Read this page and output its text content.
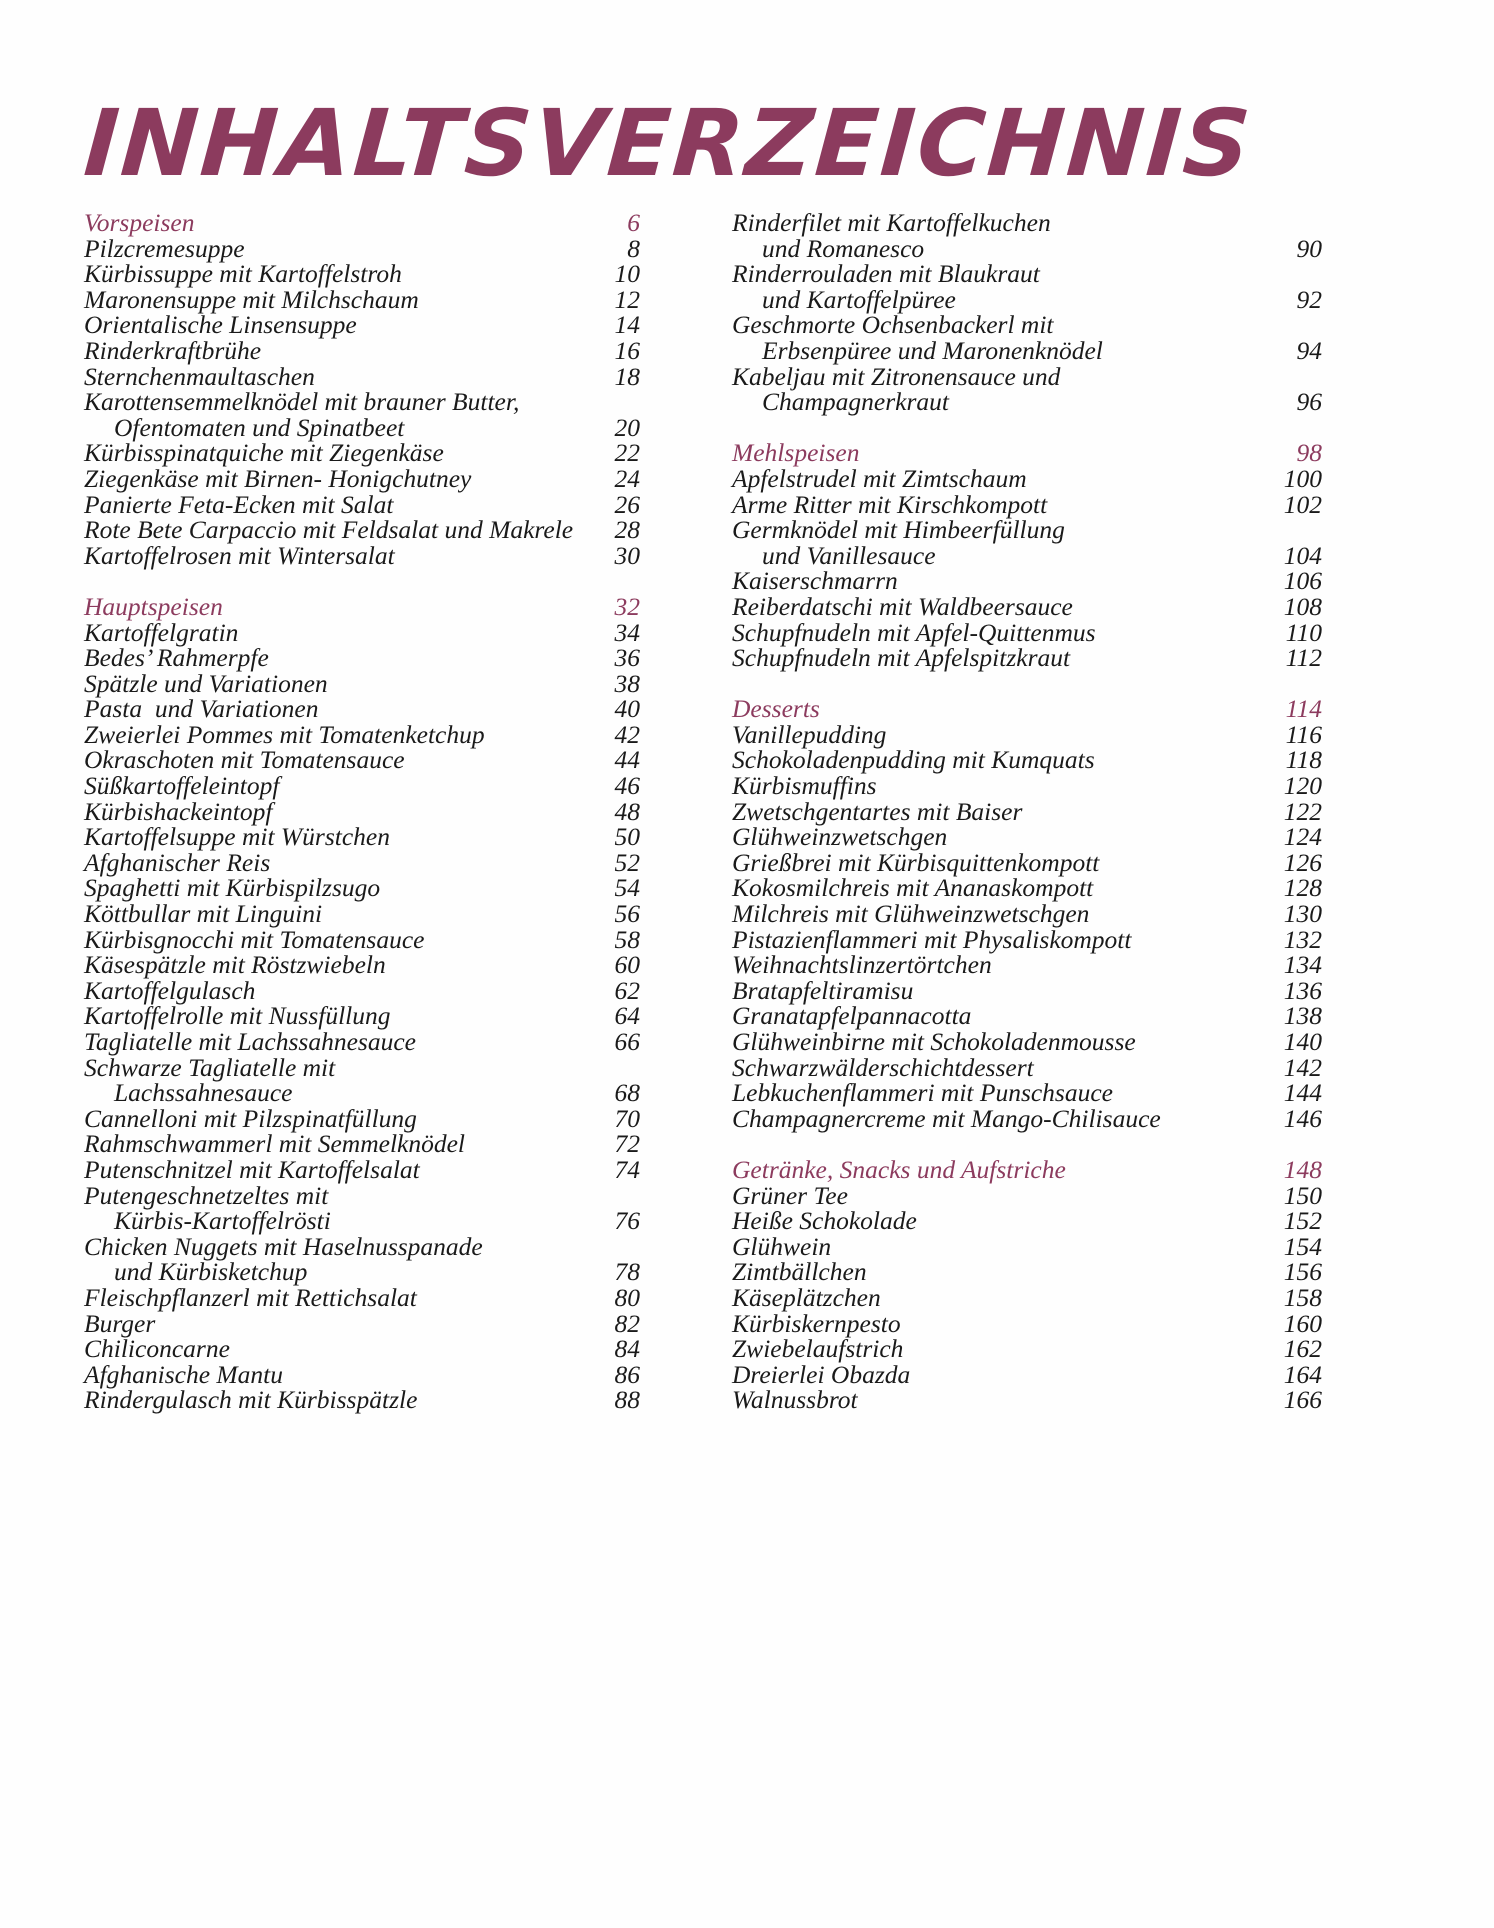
INHALTSVERZEICHNIS
Vorspeisen	6
Pilzcremesuppe	8
Kürbissuppe mit Kartoffelstroh	10
Maronensuppe mit Milchschaum	12
Orientalische Linsensuppe	14
Rinderkraftbrühe	16
Sternchenmaultaschen	18
Karottensemmelknödel mit brauner Butter,
Ofentomaten und Spinatbeet	20
Kürbisspinatquiche mit Ziegenkäse	22
Ziegenkäse mit Birnen- Honigchutney	24
Panierte Feta-Ecken mit Salat	26
Rote Bete Carpaccio mit Feldsalat und Makrele	28
Kartoffelrosen mit Wintersalat	30
Hauptspeisen	32
Kartoffelgratin	34
Bedes’ Rahmerpfe	36
Spätzle und Variationen	38
Pasta  und Variationen	40
Zweierlei Pommes mit Tomatenketchup	42
Okraschoten mit Tomatensauce	44
Süßkartoffeleintopf	46
Kürbishackeintopf	48
Kartoffelsuppe mit Würstchen	50
Afghanischer Reis	52
Spaghetti mit Kürbispilzsugo	54
Köttbullar mit Linguini	56
Kürbisgnocchi mit Tomatensauce	58
Käsespätzle mit Röstzwiebeln	60
Kartoffelgulasch	62
Kartoffelrolle mit Nussfüllung	64
Tagliatelle mit Lachssahnesauce	66
Schwarze Tagliatelle mit
Lachssahnesauce	68
Cannelloni mit Pilzspinatfüllung	70
Rahmschwammerl mit Semmelknödel	72
Putenschnitzel mit Kartoffelsalat	74
Putengeschnetzeltes mit
Kürbis-Kartoffelrösti	76
Chicken Nuggets mit Haselnusspanade
und Kürbisketchup	78
Fleischpflanzerl mit Rettichsalat	80
Burger	82
Chiliconcarne	84
Afghanische Mantu	86
Rindergulasch mit Kürbisspätzle	88
Rinderfilet mit Kartoffelkuchen
und Romanesco	90
Rinderrouladen mit Blaukraut
und Kartoffelpüree	92
Geschmorte Ochsenbackerl mit
Erbsenpüree und Maronenknödel	94
Kabeljau mit Zitronensauce und
Champagnerkraut	96
Mehlspeisen	98
Apfelstrudel mit Zimtschaum	100
Arme Ritter mit Kirschkompott	102
Germknödel mit Himbeerfüllung
und Vanillesauce	104
Kaiserschmarrn	106
Reiberdatschi mit Waldbeersauce	108
Schupfnudeln mit Apfel-Quittenmus	110
Schupfnudeln mit Apfelspitzkraut	112
Desserts	114
Vanillepudding	116
Schokoladenpudding mit Kumquats	118
Kürbismuffins	120
Zwetschgentartes mit Baiser	122
Glühweinzwetschgen	124
Grießbrei mit Kürbisquittenkompott	126
Kokosmilchreis mit Ananaskompott	128
Milchreis mit Glühweinzwetschgen	130
Pistazienflammeri mit Physaliskompott	132
Weihnachtslinzertörtchen	134
Bratapfeltiramisu	136
Granatapfelpannacotta	138
Glühweinbirne mit Schokoladenmousse	140
Schwarzwälderschichtdessert	142
Lebkuchenflammeri mit Punschsauce	144
Champagnercreme mit Mango-Chilisauce	146
Getränke, Snacks und Aufstriche	148
Grüner Tee	150
Heiße Schokolade	152
Glühwein	154
Zimtbällchen	156
Käseplätzchen	158
Kürbiskernpesto	160
Zwiebelaufstrich	162
Dreierlei Obazda	164
Walnussbrot	166
